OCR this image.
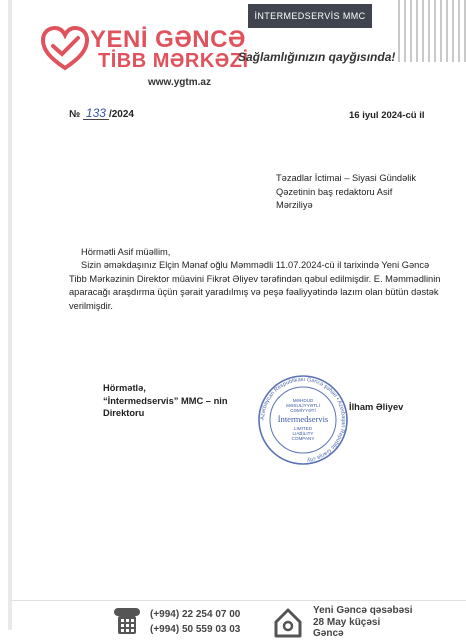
İNTERMEDSERVİS MMC
YENİ GƏNCƏ
TİBB MƏRKƏZİ
www.ygtm.az
Sağlamlığınızın qayğısında!
№ 133 /2024	16 iyul 2024-cü il
Təzadlar İctimai – Siyasi Gündəlik
Qəzetinin baş redaktoru Asif
Mərziliyə

Hörmətli Asif müəllim,

Sizin əməkdaşınız Elçin Mənaf oğlu Məmmədli 11.07.2024-cü il tarixində Yeni Gəncə Tibb Mərkəzinin Direktor müavini Fikrət Əliyev tərəfindən qəbul edilmişdir. E. Məmmədlinin aparacağı araşdırma üçün şərait yaradılmış və peşə fəaliyyətində lazım olan bütün dəstək verilmişdir.

Hörmətlə,
“İntermedservis” MMC – nin
Direktoru
İlham Əliyev
Azərbaycan Respublikası Gəncə şəhəri • Azerbaijan Republic Ganja city
MƏHDUD
MƏSULİYYƏTLİ
CƏMİYYƏTİ
İntermedservis
LIMITED
LIABILITY
COMPANY
(+994) 22 254 07 00
(+994) 50 559 03 03
Yeni Gəncə qəsəbəsi
28 May küçəsi
Gəncə
